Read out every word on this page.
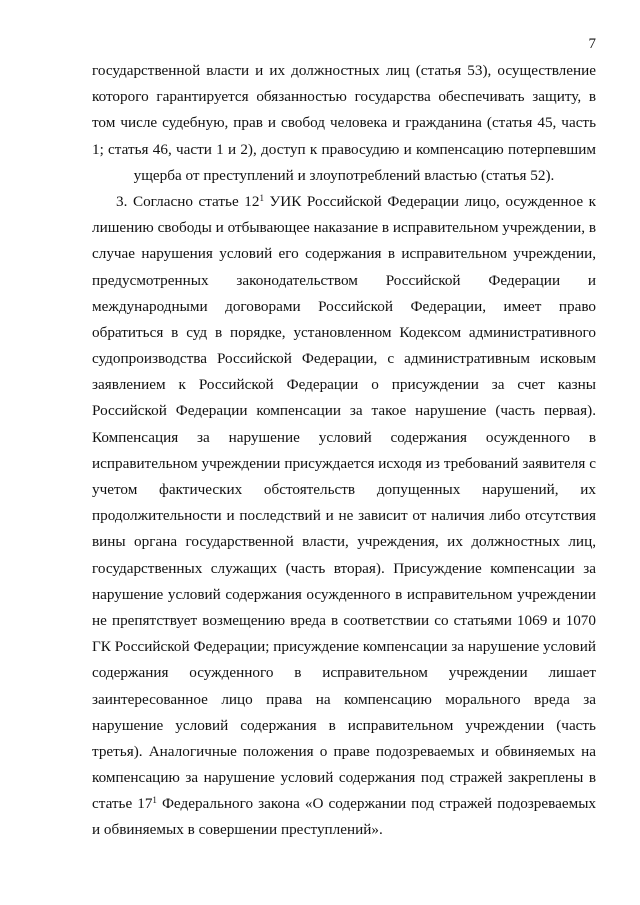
7
государственной власти и их должностных лиц (статья 53), осуществление
которого гарантируется обязанностью государства обеспечивать защиту, в
том числе судебную, прав и свобод человека и гражданина (статья 45, часть
1; статья 46, части 1 и 2), доступ к правосудию и компенсацию потерпевшим
ущерба от преступлений и злоупотреблений властью (статья 52).
3. Согласно статье $12^1$ УИК Российской Федерации лицо, осужденное к
лишению свободы и отбывающее наказание в исправительном учреждении, в
случае нарушения условий его содержания в исправительном учреждении,
предусмотренных законодательством Российской Федерации и
международными договорами Российской Федерации, имеет право
обратиться в суд в порядке, установленном Кодексом административного
судопроизводства Российской Федерации, с административным исковым
заявлением к Российской Федерации о присуждении за счет казны
Российской Федерации компенсации за такое нарушение (часть первая).
Компенсация за нарушение условий содержания осужденного в
исправительном учреждении присуждается исходя из требований заявителя с
учетом фактических обстоятельств допущенных нарушений, их
продолжительности и последствий и не зависит от наличия либо отсутствия
вины органа государственной власти, учреждения, их должностных лиц,
государственных служащих (часть вторая). Присуждение компенсации за
нарушение условий содержания осужденного в исправительном учреждении
не препятствует возмещению вреда в соответствии со статьями 1069 и 1070
ГК Российской Федерации; присуждение компенсации за нарушение условий
содержания осужденного в исправительном учреждении лишает
заинтересованное лицо права на компенсацию морального вреда за
нарушение условий содержания в исправительном учреждении (часть
третья). Аналогичные положения о праве подозреваемых и обвиняемых на
компенсацию за нарушение условий содержания под стражей закреплены в
статье $17^1$ Федерального закона «О содержании под стражей подозреваемых
и обвиняемых в совершении преступлений».
